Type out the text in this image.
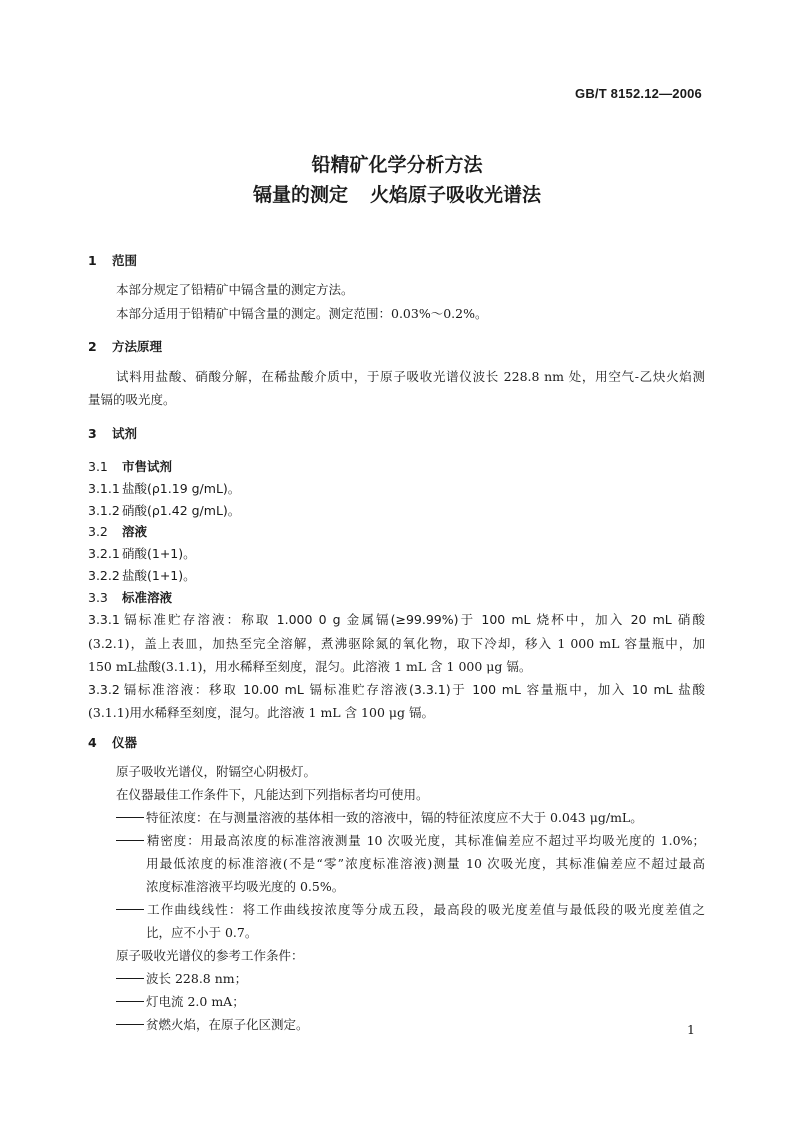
GB/T 8152.12—2006
铅精矿化学分析方法
镉量的测定 火焰原子吸收光谱法
1 范围
本部分规定了铅精矿中镉含量的测定方法。
本部分适用于铅精矿中镉含量的测定。测定范围：0.03%～0.2%。
2 方法原理
试料用盐酸、硝酸分解，在稀盐酸介质中，于原子吸收光谱仪波长 228.8 nm 处，用空气-乙炔火焰测
量镉的吸光度。
3 试剂
3.1 市售试剂
3.1.1 盐酸(ρ1.19 g/mL)。
3.1.2 硝酸(ρ1.42 g/mL)。
3.2 溶液
3.2.1 硝酸(1+1)。
3.2.2 盐酸(1+1)。
3.3 标准溶液
3.3.1 镉标准贮存溶液：称取 1.000 0 g 金属镉(≥99.99%)于 100 mL 烧杯中，加入 20 mL 硝酸
(3.2.1)，盖上表皿，加热至完全溶解，煮沸驱除氮的氧化物，取下冷却，移入 1 000 mL 容量瓶中，加
150 mL盐酸(3.1.1)，用水稀释至刻度，混匀。此溶液 1 mL 含 1 000 μg 镉。
3.3.2 镉标准溶液：移取 10.00 mL 镉标准贮存溶液(3.3.1)于 100 mL 容量瓶中，加入 10 mL 盐酸
(3.1.1)用水稀释至刻度，混匀。此溶液 1 mL 含 100 μg 镉。
4 仪器
原子吸收光谱仪，附镉空心阴极灯。
在仪器最佳工作条件下，凡能达到下列指标者均可使用。
特征浓度：在与测量溶液的基体相一致的溶液中，镉的特征浓度应不大于 0.043 μg/mL。
精密度：用最高浓度的标准溶液测量 10 次吸光度，其标准偏差应不超过平均吸光度的 1.0%；
用最低浓度的标准溶液(不是“零”浓度标准溶液)测量 10 次吸光度，其标准偏差应不超过最高
浓度标准溶液平均吸光度的 0.5%。
工作曲线线性：将工作曲线按浓度等分成五段，最高段的吸光度差值与最低段的吸光度差值之
比，应不小于 0.7。
原子吸收光谱仪的参考工作条件：
波长 228.8 nm；
灯电流 2.0 mA；
贫燃火焰，在原子化区测定。	1
